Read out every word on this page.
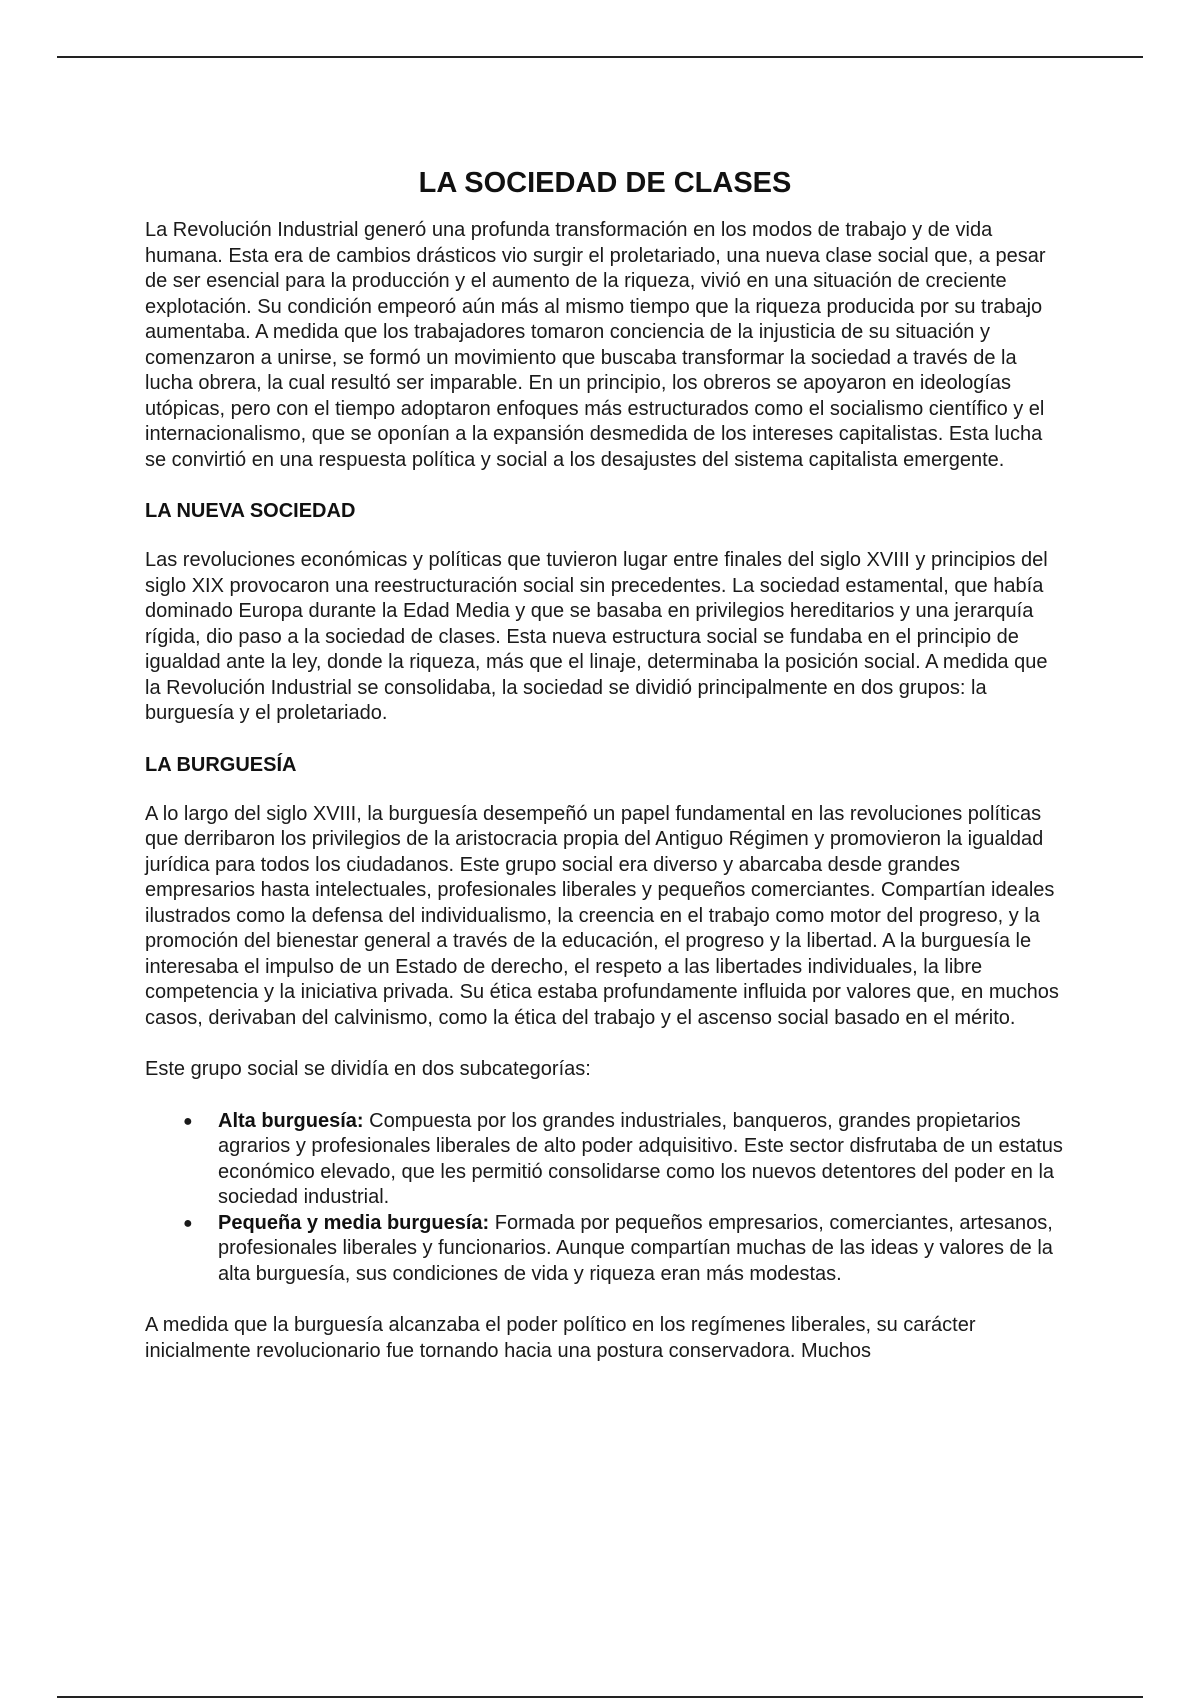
LA SOCIEDAD DE CLASES

La Revolución Industrial generó una profunda transformación en los modos de trabajo y de vida humana. Esta era de cambios drásticos vio surgir el proletariado, una nueva clase social que, a pesar de ser esencial para la producción y el aumento de la riqueza, vivió en una situación de creciente explotación. Su condición empeoró aún más al mismo tiempo que la riqueza producida por su trabajo aumentaba. A medida que los trabajadores tomaron conciencia de la injusticia de su situación y comenzaron a unirse, se formó un movimiento que buscaba transformar la sociedad a través de la lucha obrera, la cual resultó ser imparable. En un principio, los obreros se apoyaron en ideologías utópicas, pero con el tiempo adoptaron enfoques más estructurados como el socialismo científico y el internacionalismo, que se oponían a la expansión desmedida de los intereses capitalistas. Esta lucha se convirtió en una respuesta política y social a los desajustes del sistema capitalista emergente.

LA NUEVA SOCIEDAD

Las revoluciones económicas y políticas que tuvieron lugar entre finales del siglo XVIII y principios del siglo XIX provocaron una reestructuración social sin precedentes. La sociedad estamental, que había dominado Europa durante la Edad Media y que se basaba en privilegios hereditarios y una jerarquía rígida, dio paso a la sociedad de clases. Esta nueva estructura social se fundaba en el principio de igualdad ante la ley, donde la riqueza, más que el linaje, determinaba la posición social. A medida que la Revolución Industrial se consolidaba, la sociedad se dividió principalmente en dos grupos: la burguesía y el proletariado.

LA BURGUESÍA

A lo largo del siglo XVIII, la burguesía desempeñó un papel fundamental en las revoluciones políticas que derribaron los privilegios de la aristocracia propia del Antiguo Régimen y promovieron la igualdad jurídica para todos los ciudadanos. Este grupo social era diverso y abarcaba desde grandes empresarios hasta intelectuales, profesionales liberales y pequeños comerciantes. Compartían ideales ilustrados como la defensa del individualismo, la creencia en el trabajo como motor del progreso, y la promoción del bienestar general a través de la educación, el progreso y la libertad. A la burguesía le interesaba el impulso de un Estado de derecho, el respeto a las libertades individuales, la libre competencia y la iniciativa privada. Su ética estaba profundamente influida por valores que, en muchos casos, derivaban del calvinismo, como la ética del trabajo y el ascenso social basado en el mérito.

Este grupo social se dividía en dos subcategorías:

● Alta burguesía: Compuesta por los grandes industriales, banqueros, grandes propietarios agrarios y profesionales liberales de alto poder adquisitivo. Este sector disfrutaba de un estatus económico elevado, que les permitió consolidarse como los nuevos detentores del poder en la sociedad industrial.
● Pequeña y media burguesía: Formada por pequeños empresarios, comerciantes, artesanos, profesionales liberales y funcionarios. Aunque compartían muchas de las ideas y valores de la alta burguesía, sus condiciones de vida y riqueza eran más modestas.

A medida que la burguesía alcanzaba el poder político en los regímenes liberales, su carácter inicialmente revolucionario fue tornando hacia una postura conservadora. Muchos
